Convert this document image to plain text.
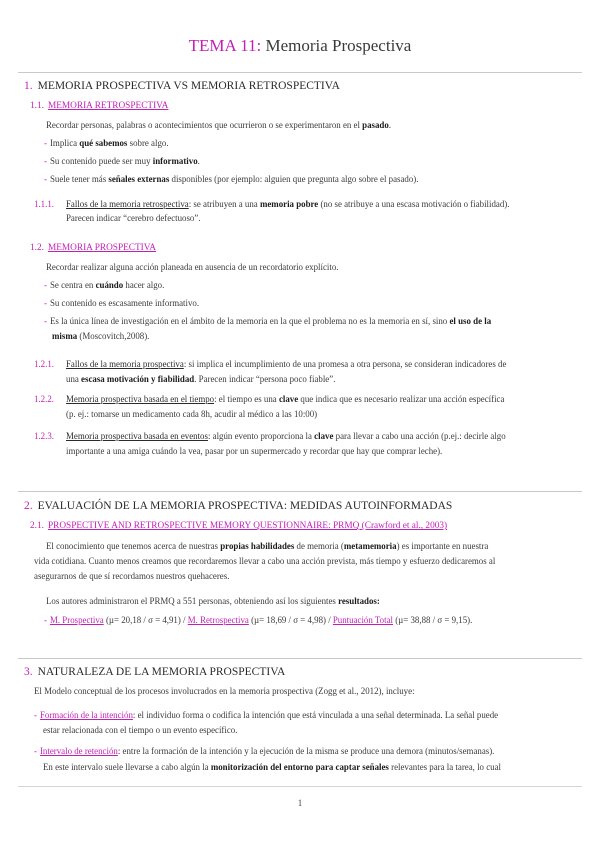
TEMA 11: Memoria Prospectiva
1. MEMORIA PROSPECTIVA VS MEMORIA RETROSPECTIVA
1.1. MEMORIA RETROSPECTIVA
Recordar personas, palabras o acontecimientos que ocurrieron o se experimentaron en el pasado.
- Implica qué sabemos sobre algo.
- Su contenido puede ser muy informativo.
- Suele tener más señales externas disponibles (por ejemplo: alguien que pregunta algo sobre el pasado).
1.1.1. Fallos de la memoria retrospectiva: se atribuyen a una memoria pobre (no se atribuye a una escasa motivación o fiabilidad).
Parecen indicar “cerebro defectuoso”.
1.2. MEMORIA PROSPECTIVA
Recordar realizar alguna acción planeada en ausencia de un recordatorio explícito.
- Se centra en cuándo hacer algo.
- Su contenido es escasamente informativo.
- Es la única línea de investigación en el ámbito de la memoria en la que el problema no es la memoria en sí, sino el uso de la
misma (Moscovitch,2008).
1.2.1. Fallos de la memoria prospectiva: si implica el incumplimiento de una promesa a otra persona, se consideran indicadores de
una escasa motivación y fiabilidad. Parecen indicar “persona poco fiable”.
1.2.2. Memoria prospectiva basada en el tiempo: el tiempo es una clave que indica que es necesario realizar una acción específica
(p. ej.: tomarse un medicamento cada 8h, acudir al médico a las 10:00)
1.2.3. Memoria prospectiva basada en eventos: algún evento proporciona la clave para llevar a cabo una acción (p.ej.: decirle algo
importante a una amiga cuándo la vea, pasar por un supermercado y recordar que hay que comprar leche).
2. EVALUACIÓN DE LA MEMORIA PROSPECTIVA: MEDIDAS AUTOINFORMADAS
2.1. PROSPECTIVE AND RETROSPECTIVE MEMORY QUESTIONNAIRE: PRMQ (Crawford et al., 2003)
El conocimiento que tenemos acerca de nuestras propias habilidades de memoria (metamemoria) es importante en nuestra
vida cotidiana. Cuanto menos creamos que recordaremos llevar a cabo una acción prevista, más tiempo y esfuerzo dedicaremos al
asegurarnos de que sí recordamos nuestros quehaceres.
Los autores administraron el PRMQ a 551 personas, obteniendo así los siguientes resultados:
- M. Prospectiva (µ= 20,18 / σ = 4,91) / M. Retrospectiva (µ= 18,69 / σ = 4,98) / Puntuación Total (µ= 38,88 / σ = 9,15).
3. NATURALEZA DE LA MEMORIA PROSPECTIVA
El Modelo conceptual de los procesos involucrados en la memoria prospectiva (Zogg et al., 2012), incluye:
- Formación de la intención: el individuo forma o codifica la intención que está vinculada a una señal determinada. La señal puede
estar relacionada con el tiempo o un evento específico.
- Intervalo de retención: entre la formación de la intención y la ejecución de la misma se produce una demora (minutos/semanas).
En este intervalo suele llevarse a cabo algún la monitorización del entorno para captar señales relevantes para la tarea, lo cual
1
